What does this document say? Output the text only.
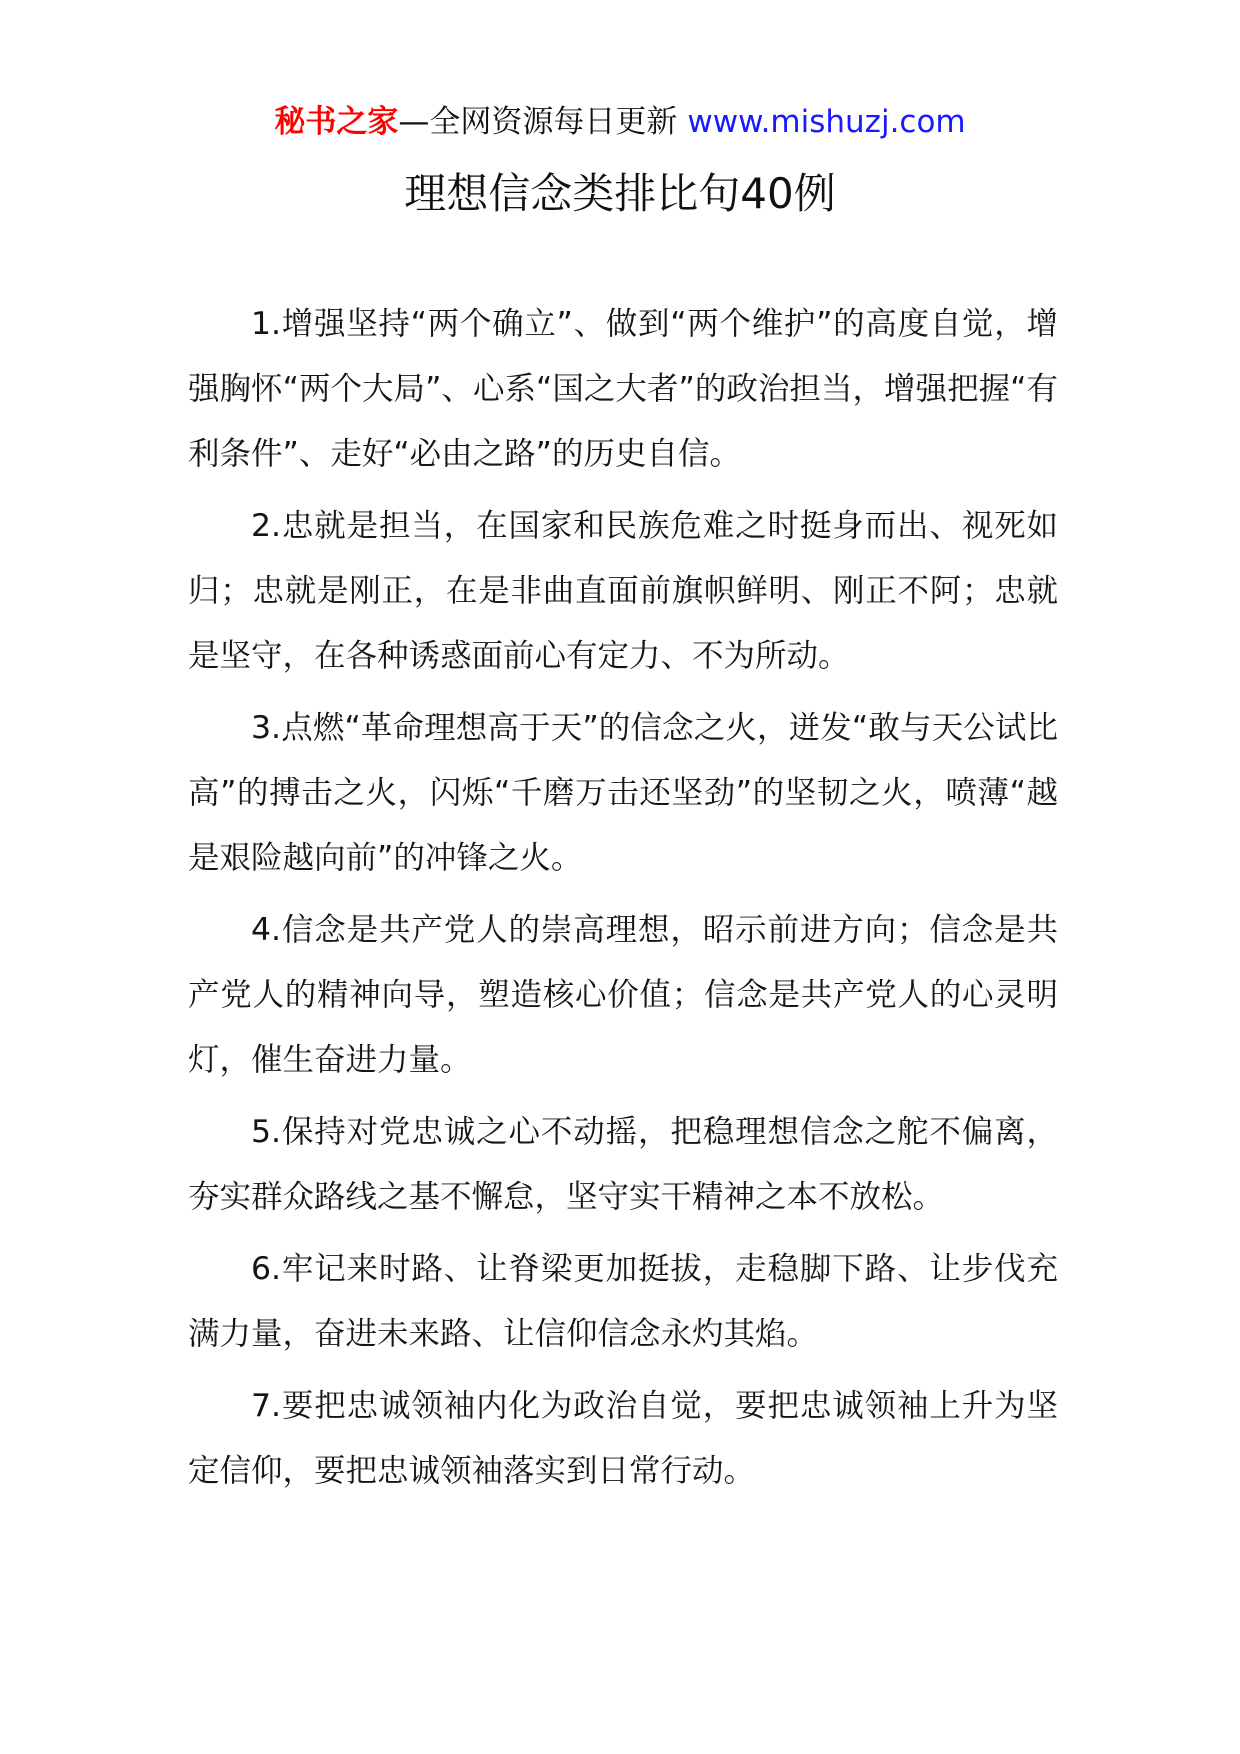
秘书之家—全网资源每日更新 www.mishuzj.com
理想信念类排比句40例

1.增强坚持“两个确立”、做到“两个维护”的高度自觉，增强胸怀“两个大局”、心系“国之大者”的政治担当，增强把握“有利条件”、走好“必由之路”的历史自信。

2.忠就是担当，在国家和民族危难之时挺身而出、视死如归；忠就是刚正，在是非曲直面前旗帜鲜明、刚正不阿；忠就是坚守，在各种诱惑面前心有定力、不为所动。

3.点燃“革命理想高于天”的信念之火，迸发“敢与天公试比高”的搏击之火，闪烁“千磨万击还坚劲”的坚韧之火，喷薄“越是艰险越向前”的冲锋之火。

4.信念是共产党人的崇高理想，昭示前进方向；信念是共产党人的精神向导，塑造核心价值；信念是共产党人的心灵明灯，催生奋进力量。

5.保持对党忠诚之心不动摇，把稳理想信念之舵不偏离，夯实群众路线之基不懈怠，坚守实干精神之本不放松。

6.牢记来时路、让脊梁更加挺拔，走稳脚下路、让步伐充满力量，奋进未来路、让信仰信念永灼其焰。

7.要把忠诚领袖内化为政治自觉，要把忠诚领袖上升为坚定信仰，要把忠诚领袖落实到日常行动。
